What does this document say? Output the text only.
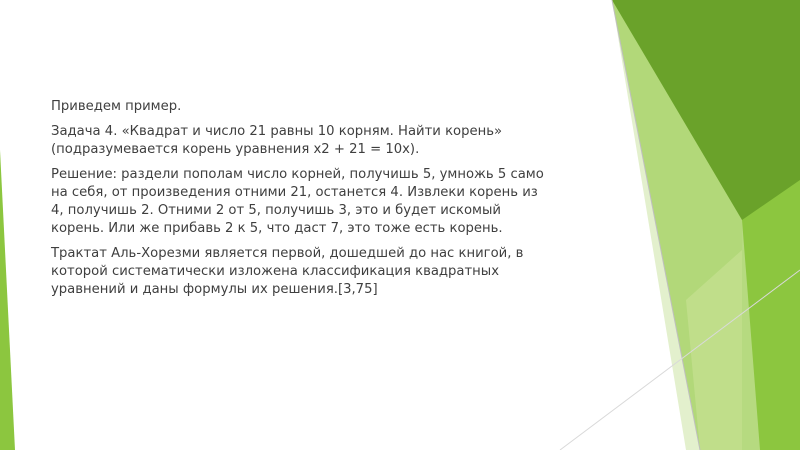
Приведем пример.

Задача 4. «Квадрат и число 21 равны 10 корням. Найти корень» (подразумевается корень уравнения x2 + 21 = 10x).

Решение: раздели пополам число корней, получишь 5, умножь 5 само на себя, от произведения отними 21, останется 4. Извлеки корень из 4, получишь 2. Отними 2 от 5, получишь 3, это и будет искомый корень. Или же прибавь 2 к 5, что даст 7, это тоже есть корень.

Трактат Аль-Хорезми является первой, дошедшей до нас книгой, в которой систематически изложена классификация квадратных уравнений и даны формулы их решения.[3,75]
